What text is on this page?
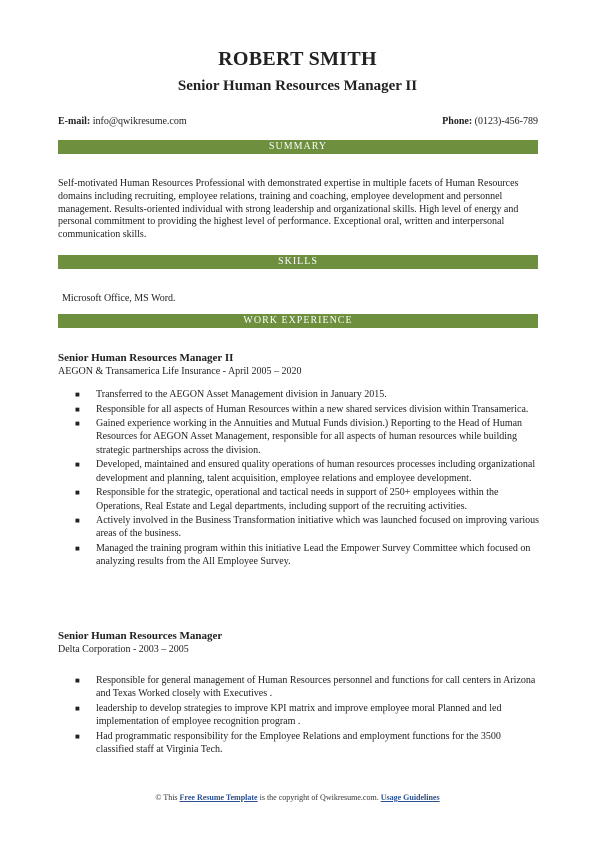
ROBERT SMITH
Senior Human Resources Manager II
E-mail: info@qwikresume.com	Phone: (0123)-456-789
SUMMARY

Self-motivated Human Resources Professional with demonstrated expertise in multiple facets of Human Resources domains including recruiting, employee relations, training and coaching, employee development and personnel management. Results-oriented individual with strong leadership and organizational skills. High level of energy and personal commitment to providing the highest level of performance. Exceptional oral, written and interpersonal communication skills.

SKILLS

Microsoft Office, MS Word.

WORK EXPERIENCE

Senior Human Resources Manager II

AEGON & Transamerica Life Insurance - April 2005 – 2020

■ Transferred to the AEGON Asset Management division in January 2015.
■ Responsible for all aspects of Human Resources within a new shared services division within Transamerica.
■ Gained experience working in the Annuities and Mutual Funds division.) Reporting to the Head of Human Resources for AEGON Asset Management, responsible for all aspects of human resources while building strategic partnerships across the division.
■ Developed, maintained and ensured quality operations of human resources processes including organizational development and planning, talent acquisition, employee relations and employee development.
■ Responsible for the strategic, operational and tactical needs in support of 250+ employees within the Operations, Real Estate and Legal departments, including support of the recruiting activities.
■ Actively involved in the Business Transformation initiative which was launched focused on improving various areas of the business.
■ Managed the training program within this initiative Lead the Empower Survey Committee which focused on analyzing results from the All Employee Survey.

Senior Human Resources Manager

Delta Corporation - 2003 – 2005

■ Responsible for general management of Human Resources personnel and functions for call centers in Arizona and Texas Worked closely with Executives .
■ leadership to develop strategies to improve KPI matrix and improve employee moral Planned and led implementation of employee recognition program .
■ Had programmatic responsibility for the Employee Relations and employment functions for the 3500 classified staff at Virginia Tech.
© This Free Resume Template is the copyright of Qwikresume.com. Usage Guidelines
